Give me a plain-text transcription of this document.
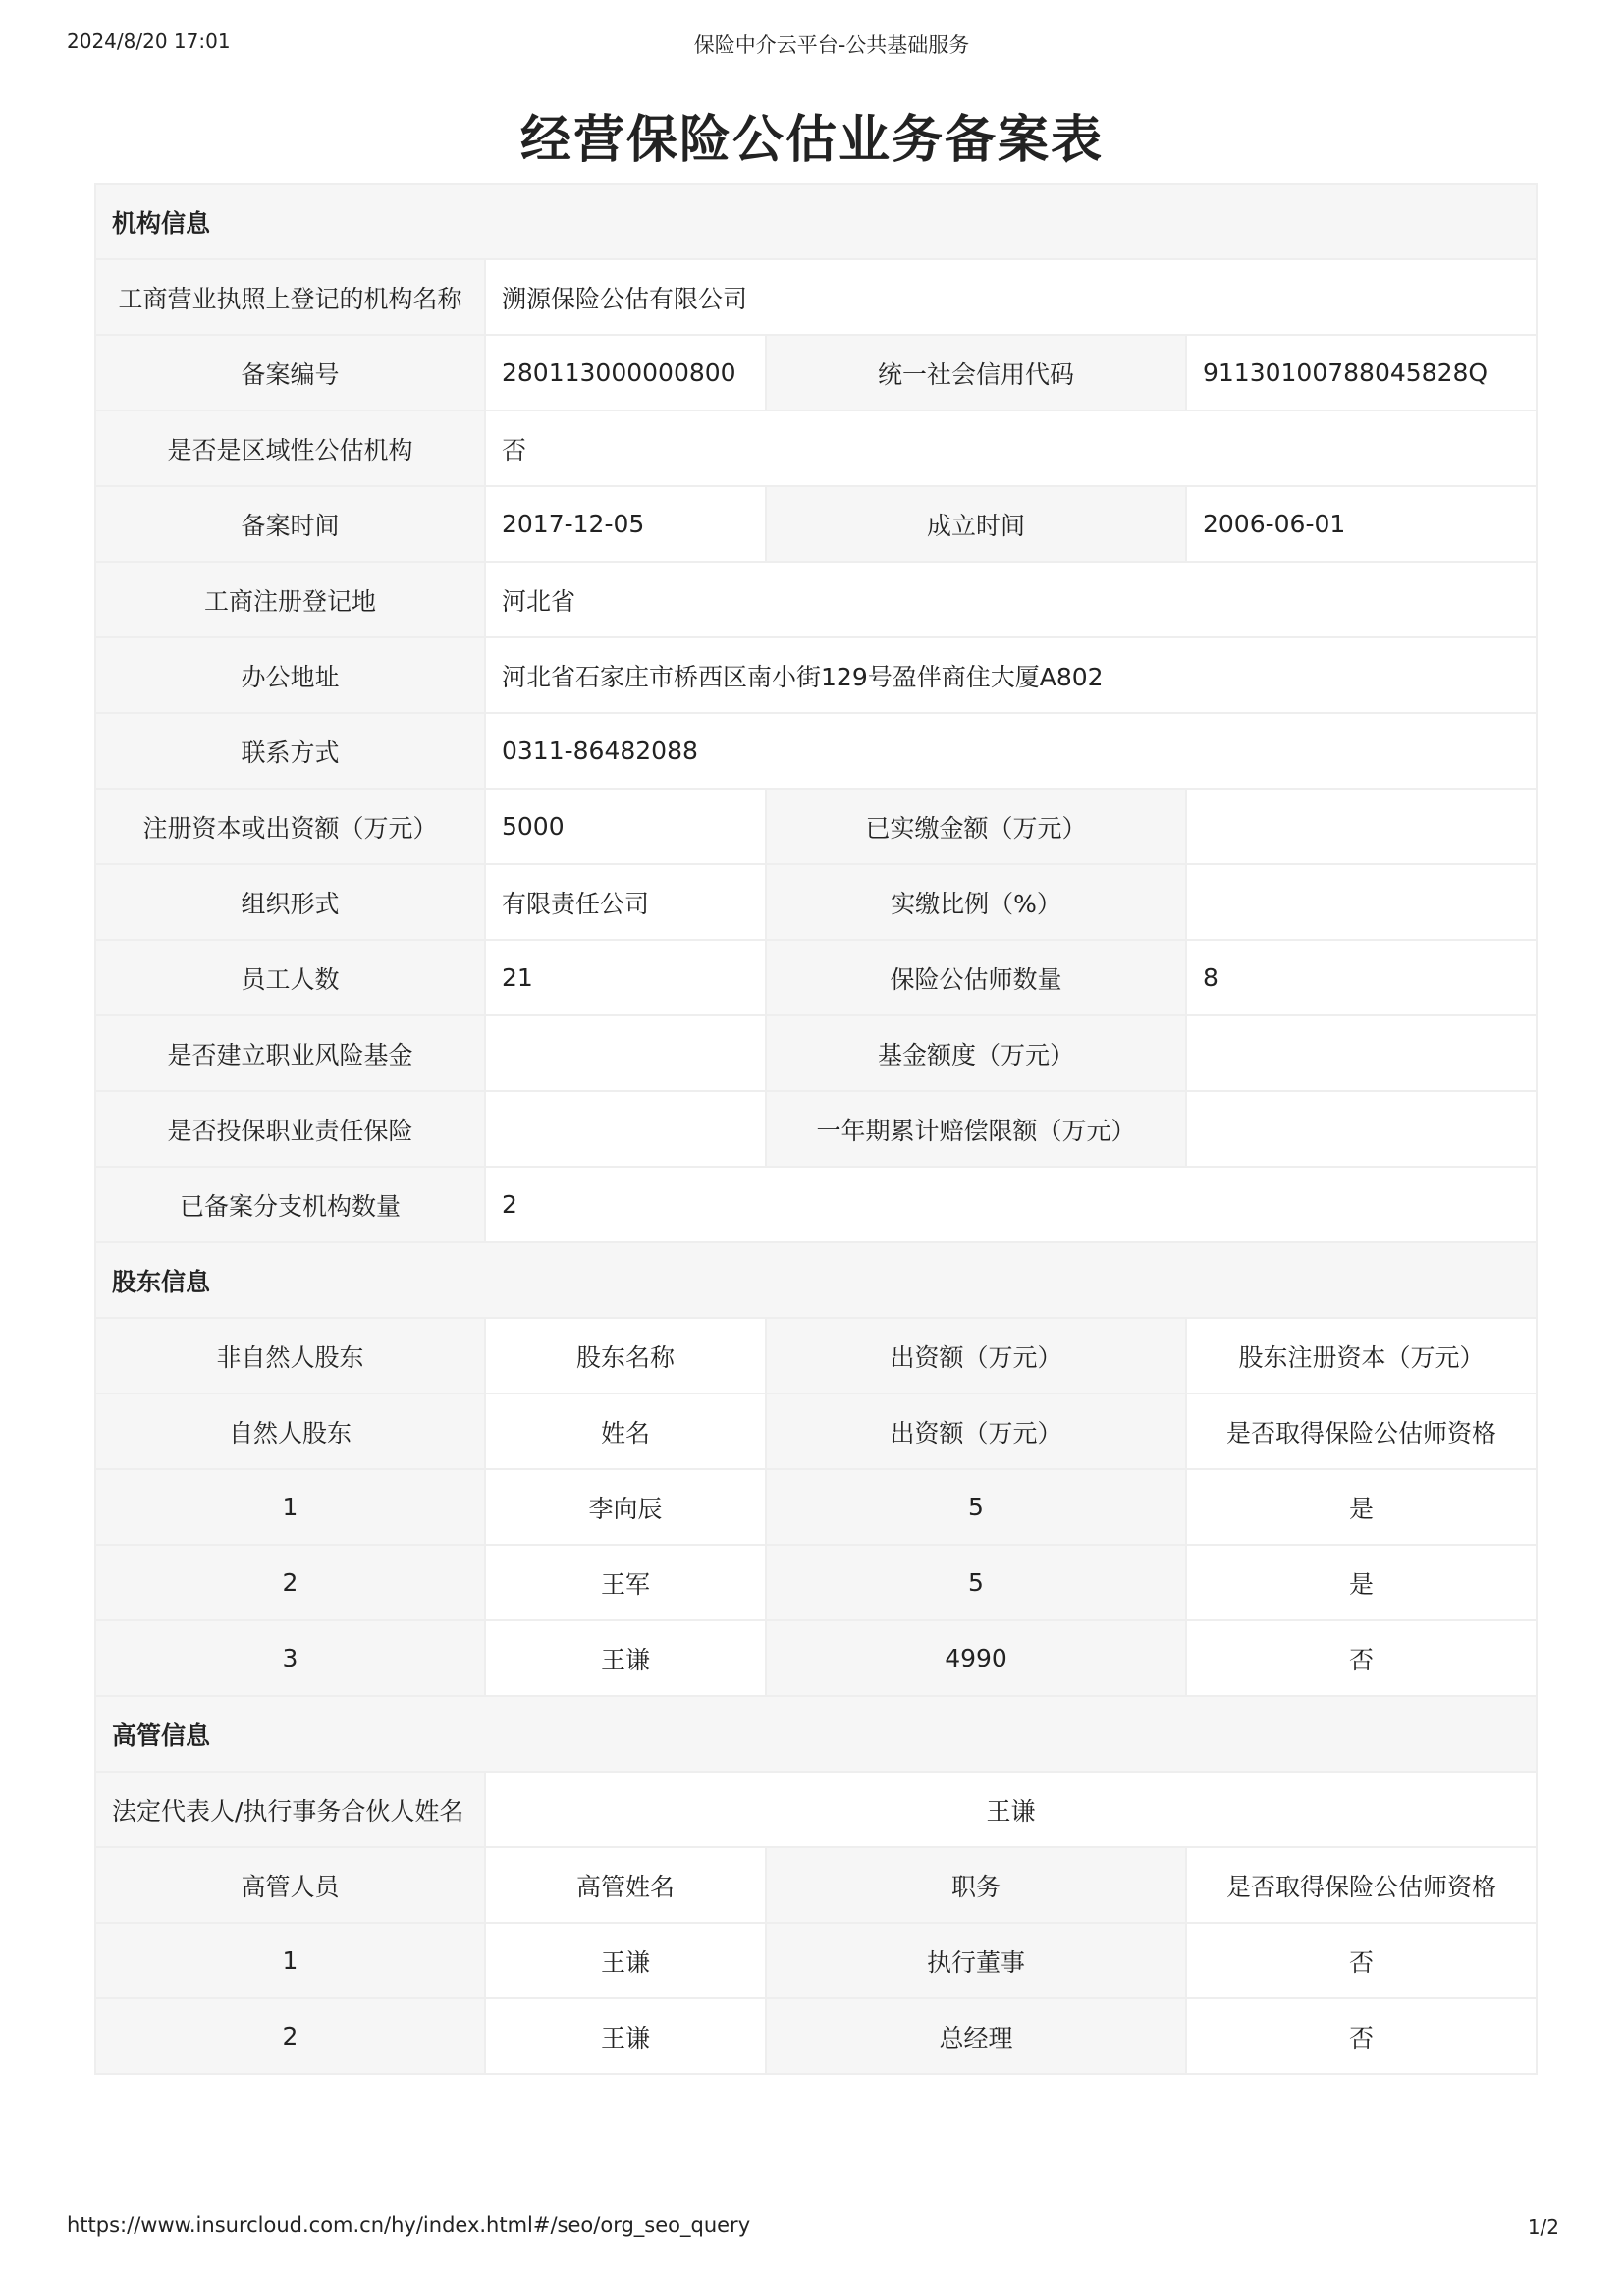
2024/8/20 17:01	保险中介云平台-公共基础服务
经营保险公估业务备案表
机构信息			
工商营业执照上登记的机构名称	溯源保险公估有限公司		
备案编号	280113000000800	统一社会信用代码	91130100788045828Q
是否是区域性公估机构	否		
备案时间	2017-12-05	成立时间	2006-06-01
工商注册登记地	河北省		
办公地址	河北省石家庄市桥西区南小街129号盈伴商住大厦A802		
联系方式	0311-86482088		
注册资本或出资额（万元）	5000	已实缴金额（万元）	
组织形式	有限责任公司	实缴比例（%）	
员工人数	21	保险公估师数量	8
是否建立职业风险基金		基金额度（万元）	
是否投保职业责任保险		一年期累计赔偿限额（万元）	
已备案分支机构数量	2		
股东信息			
非自然人股东	股东名称	出资额（万元）	股东注册资本（万元）
自然人股东	姓名	出资额（万元）	是否取得保险公估师资格
1	李向辰	5	是
2	王军	5	是
3	王谦	4990	否
高管信息			
法定代表人/执行事务合伙人姓名	王谦		
高管人员	高管姓名	职务	是否取得保险公估师资格
1	王谦	执行董事	否
2	王谦	总经理	否
https://www.insurcloud.com.cn/hy/index.html#/seo/org_seo_query	1/2
